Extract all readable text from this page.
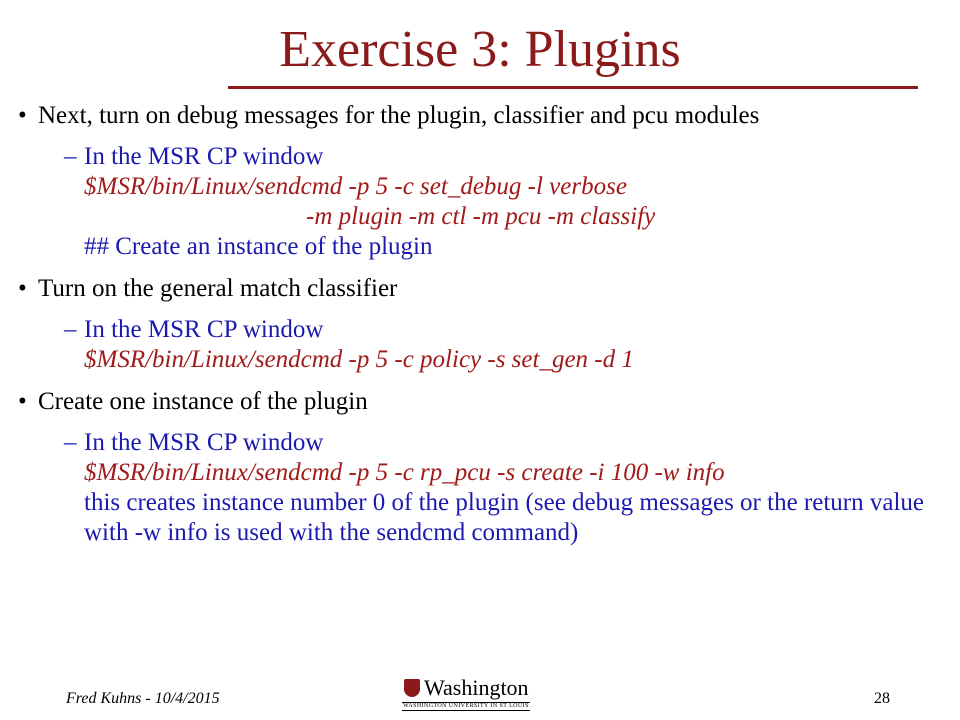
Exercise 3: Plugins
• Next, turn on debug messages for the plugin, classifier and pcu modules
– In the MSR CP window
$MSR/bin/Linux/sendcmd -p 5 -c set_debug -l verbose
-m plugin -m ctl -m pcu -m classify
## Create an instance of the plugin
• Turn on the general match classifier
– In the MSR CP window
$MSR/bin/Linux/sendcmd -p 5 -c policy -s set_gen -d 1
• Create one instance of the plugin
– In the MSR CP window
$MSR/bin/Linux/sendcmd -p 5 -c rp_pcu -s create -i 100 -w info
this creates instance number 0 of the plugin (see debug messages or the return value with -w info is used with the sendcmd command)
Fred Kuhns - 10/4/2015	Washington
WASHINGTON UNIVERSITY IN ST LOUIS	28
